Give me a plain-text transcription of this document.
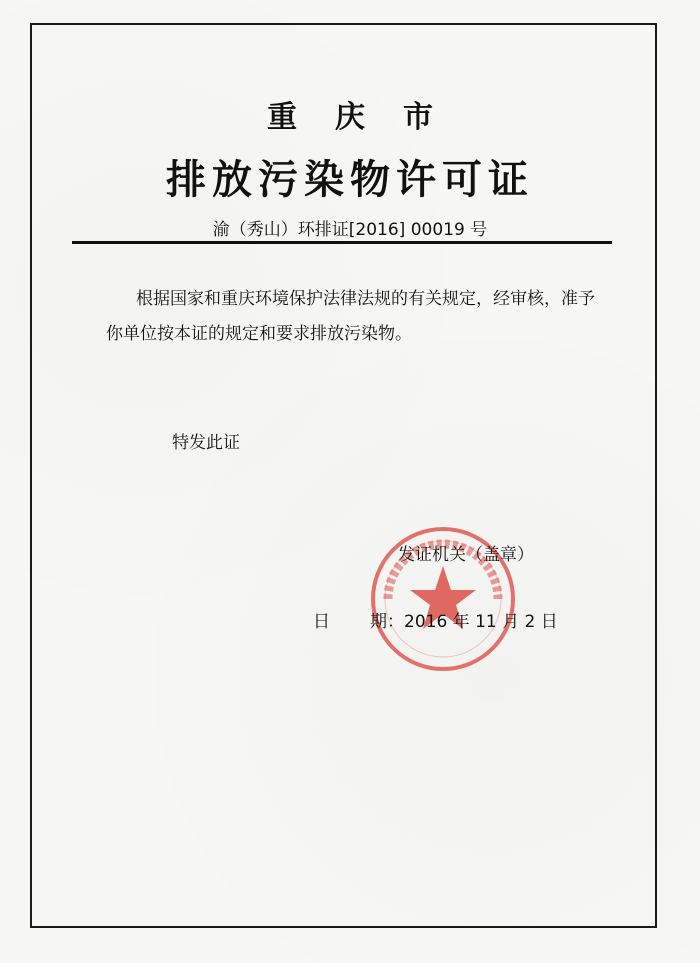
重庆市
排放污染物许可证
渝（秀山）环排证[2016] 00019 号

根据国家和重庆环境保护法律法规的有关规定，经审核，准予你单位按本证的规定和要求排放污染物。

特发此证
发证机关（盖章）
日 期：2016 年 11 月 2 日
